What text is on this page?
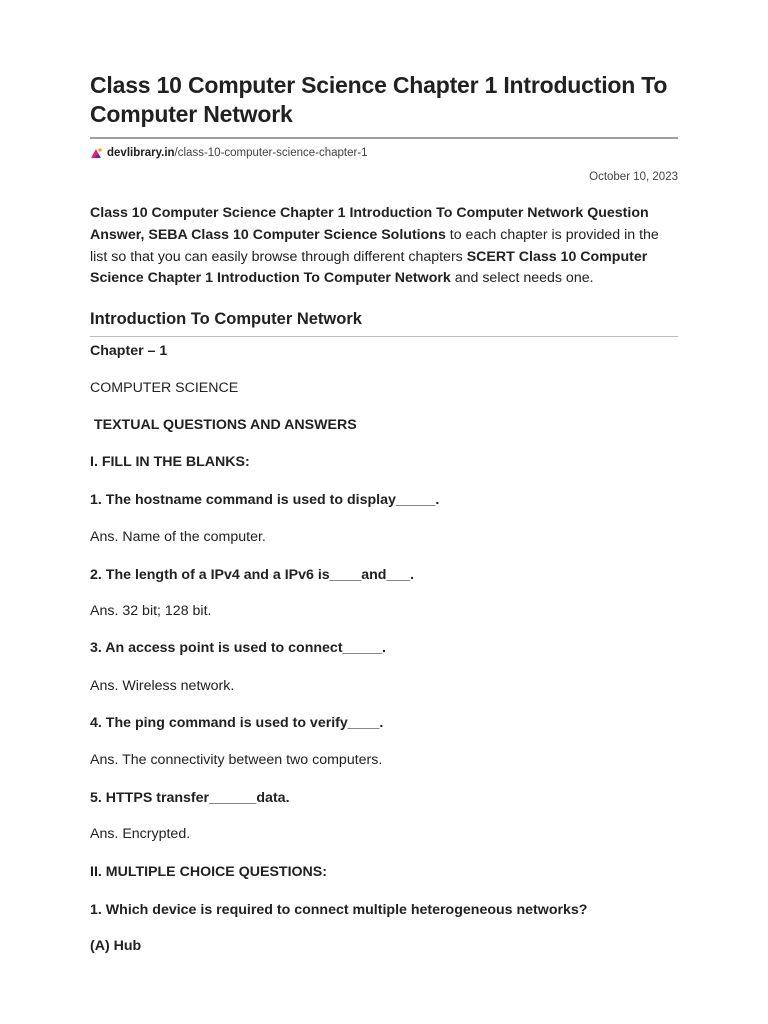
Class 10 Computer Science Chapter 1 Introduction To Computer Network
devlibrary.in /class-10-computer-science-chapter-1
October 10, 2023

Class 10 Computer Science Chapter 1 Introduction To Computer Network Question Answer, SEBA Class 10 Computer Science Solutions to each chapter is provided in the list so that you can easily browse through different chapters SCERT Class 10 Computer Science Chapter 1 Introduction To Computer Network and select needs one.

Introduction To Computer Network

Chapter – 1

COMPUTER SCIENCE

TEXTUAL QUESTIONS AND ANSWERS

I. FILL IN THE BLANKS:

1. The hostname command is used to display_____.

Ans. Name of the computer.

2. The length of a IPv4 and a IPv6 is____and___.

Ans. 32 bit; 128 bit.

3. An access point is used to connect_____.

Ans. Wireless network.

4. The ping command is used to verify____.

Ans. The connectivity between two computers.

5. HTTPS transfer______data.

Ans. Encrypted.

II. MULTIPLE CHOICE QUESTIONS:

1. Which device is required to connect multiple heterogeneous networks?

(A) Hub
